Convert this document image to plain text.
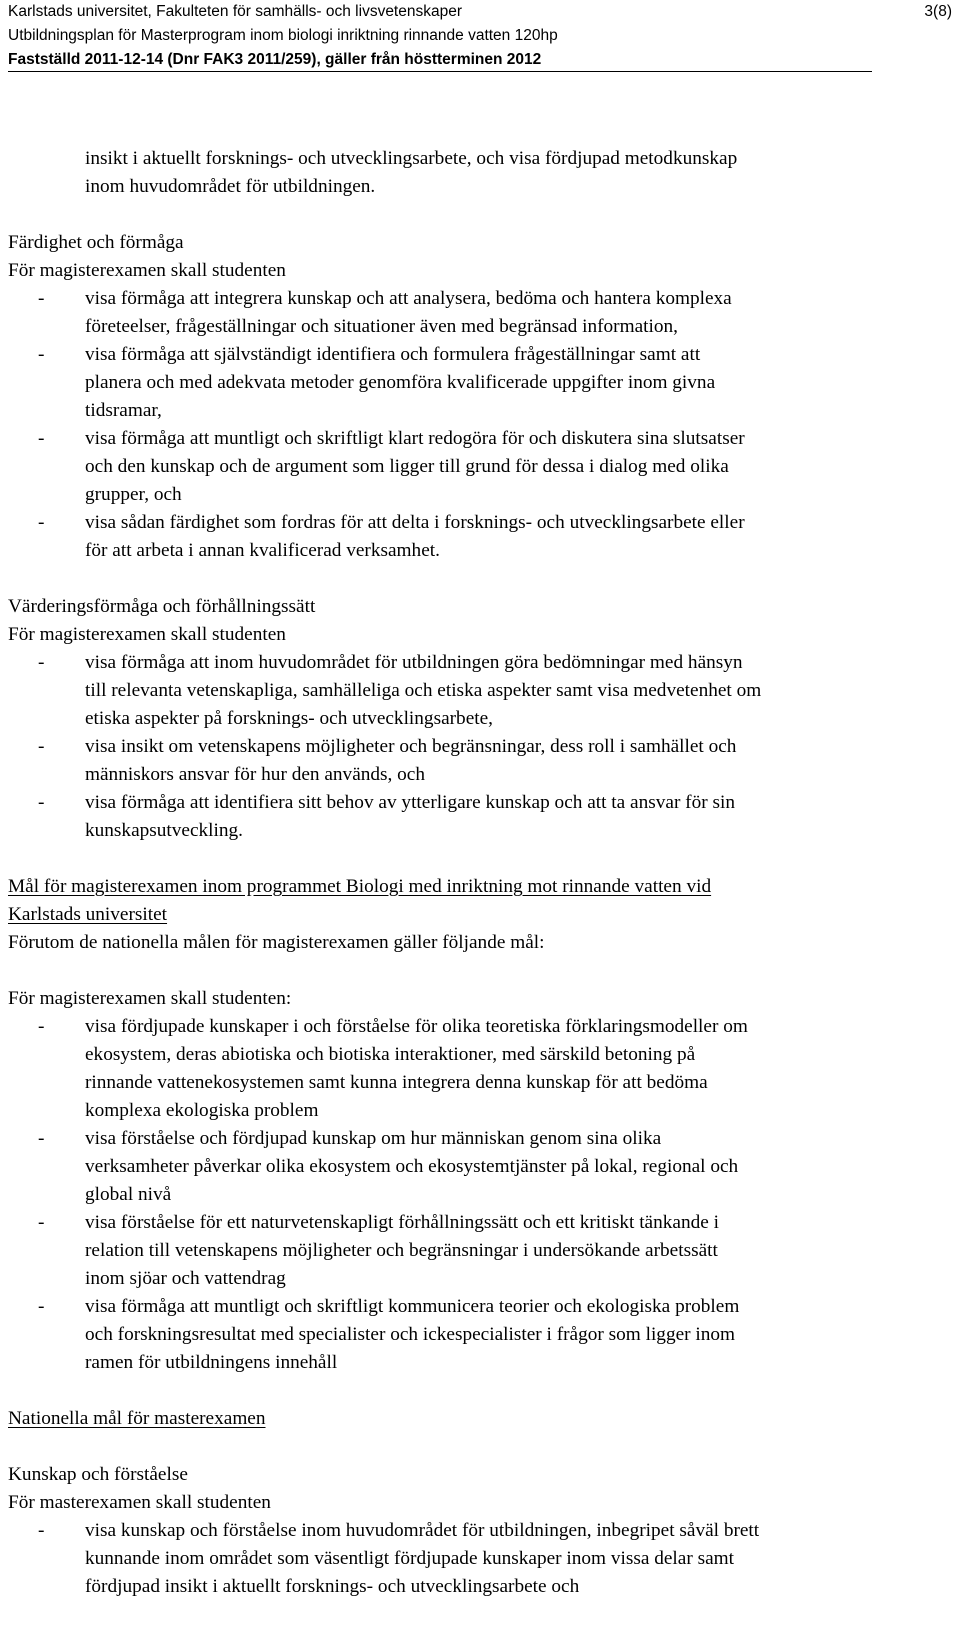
Karlstads universitet, Fakulteten för samhälls- och livsvetenskaper
Utbildningsplan för Masterprogram inom biologi inriktning rinnande vatten 120hp
Fastställd 2011-12-14 (Dnr FAK3 2011/259), gäller från höstterminen 2012
3(8)
insikt i aktuellt forsknings- och utvecklingsarbete, och visa fördjupad metodkunskap
inom huvudområdet för utbildningen.
Färdighet och förmåga
För magisterexamen skall studenten
- visa förmåga att integrera kunskap och att analysera, bedöma och hantera komplexa
företeelser, frågeställningar och situationer även med begränsad information,
- visa förmåga att självständigt identifiera och formulera frågeställningar samt att
planera och med adekvata metoder genomföra kvalificerade uppgifter inom givna
tidsramar,
- visa förmåga att muntligt och skriftligt klart redogöra för och diskutera sina slutsatser
och den kunskap och de argument som ligger till grund för dessa i dialog med olika
grupper, och
- visa sådan färdighet som fordras för att delta i forsknings- och utvecklingsarbete eller
för att arbeta i annan kvalificerad verksamhet.
Värderingsförmåga och förhållningssätt
För magisterexamen skall studenten
- visa förmåga att inom huvudområdet för utbildningen göra bedömningar med hänsyn
till relevanta vetenskapliga, samhälleliga och etiska aspekter samt visa medvetenhet om
etiska aspekter på forsknings- och utvecklingsarbete,
- visa insikt om vetenskapens möjligheter och begränsningar, dess roll i samhället och
människors ansvar för hur den används, och
- visa förmåga att identifiera sitt behov av ytterligare kunskap och att ta ansvar för sin
kunskapsutveckling.
Mål för magisterexamen inom programmet Biologi med inriktning mot rinnande vatten vid
Karlstads universitet
Förutom de nationella målen för magisterexamen gäller följande mål:
För magisterexamen skall studenten:
- visa fördjupade kunskaper i och förståelse för olika teoretiska förklaringsmodeller om
ekosystem, deras abiotiska och biotiska interaktioner, med särskild betoning på
rinnande vattenekosystemen samt kunna integrera denna kunskap för att bedöma
komplexa ekologiska problem
- visa förståelse och fördjupad kunskap om hur människan genom sina olika
verksamheter påverkar olika ekosystem och ekosystemtjänster på lokal, regional och
global nivå
- visa förståelse för ett naturvetenskapligt förhållningssätt och ett kritiskt tänkande i
relation till vetenskapens möjligheter och begränsningar i undersökande arbetssätt
inom sjöar och vattendrag
- visa förmåga att muntligt och skriftligt kommunicera teorier och ekologiska problem
och forskningsresultat med specialister och ickespecialister i frågor som ligger inom
ramen för utbildningens innehåll
Nationella mål för masterexamen
Kunskap och förståelse
För masterexamen skall studenten
- visa kunskap och förståelse inom huvudområdet för utbildningen, inbegripet såväl brett
kunnande inom området som väsentligt fördjupade kunskaper inom vissa delar samt
fördjupad insikt i aktuellt forsknings- och utvecklingsarbete och
